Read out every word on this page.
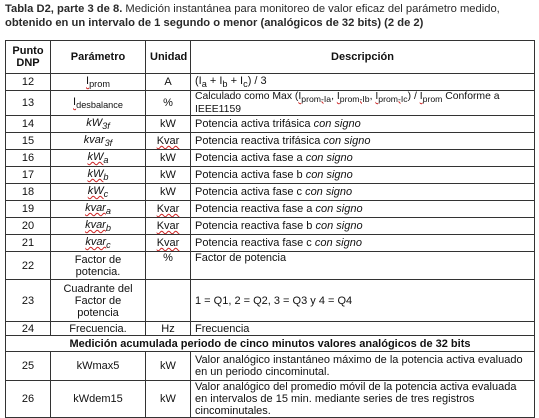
Tabla D2, parte 3 de 8. Medición instantánea para monitoreo de valor eficaz del parámetro medido,
obtenido en un intervalo de 1 segundo o menor (analógicos de 32 bits) (2 de 2)
Punto
DNP	Parámetro	Unidad	Descripción
12	$I_{prom}$	A	$(I_a + I_b + I_c) / 3$
13	$I_{desbalance}$	%	Calculado como Max ($I_{prom-Ia}$, $I_{prom-Ib}$, $I_{prom-Ic}) / I_{prom}$ Conforme a IEEE1159
14	$kW_{3f}$	kW	Potencia activa trifásica con signo
15	kvar$_{3f}$	Kvar	Potencia reactiva trifásica con signo
16	$kW_a$	kW	Potencia activa fase a con signo
17	$kW_b$	kW	Potencia activa fase b con signo
18	$kW_c$	kW	Potencia activa fase c con signo
19	kvar$_a$	Kvar	Potencia reactiva fase a con signo
20	kvar$_b$	Kvar	Potencia reactiva fase b con signo
21	kvar$_c$	Kvar	Potencia reactiva fase c con signo
22	Factor de potencia.	%	Factor de potencia
23	Cuadrante del Factor de potencia		1 = Q1, 2 = Q2, 3 = Q3 y 4 = Q4
24	Frecuencia.	Hz	Frecuencia
Medición acumulada periodo de cinco minutos valores analógicos de 32 bits			
25	kWmax5	kW	Valor analógico instantáneo máximo de la potencia activa evaluado en un periodo cincominutal.
26	kWdem15	kW	Valor analógico del promedio móvil de la potencia activa evaluada en intervalos de 15 min. mediante series de tres registros cincominutales.
